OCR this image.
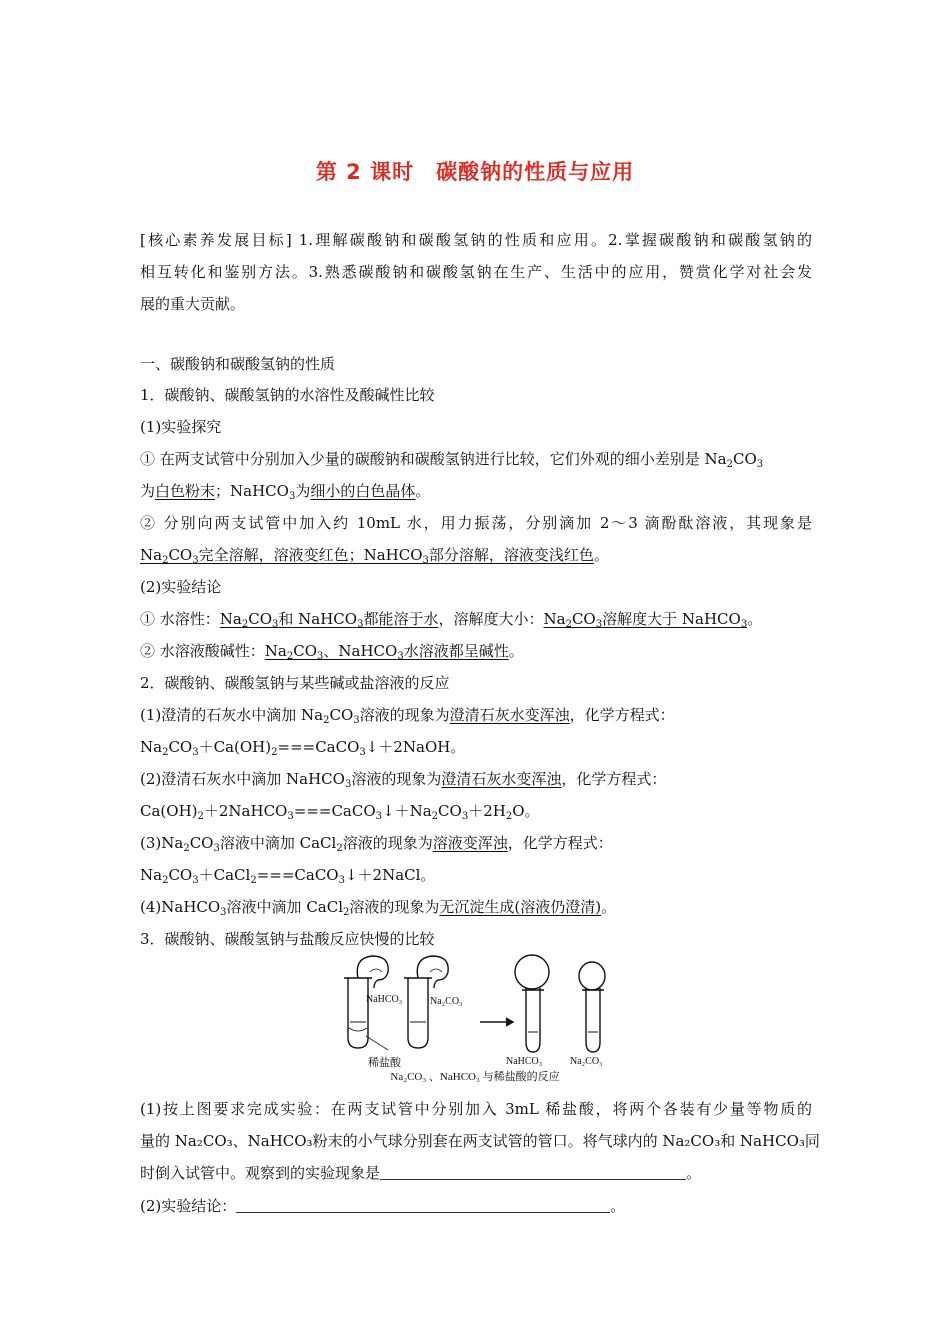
第 2 课时 碳酸钠的性质与应用
[核心素养发展目标] 1.理解碳酸钠和碳酸氢钠的性质和应用。2.掌握碳酸钠和碳酸氢钠的
相互转化和鉴别方法。3.熟悉碳酸钠和碳酸氢钠在生产、生活中的应用，赞赏化学对社会发
展的重大贡献。
一、碳酸钠和碳酸氢钠的性质
1．碳酸钠、碳酸氢钠的水溶性及酸碱性比较
(1)实验探究
① 在两支试管中分别加入少量的碳酸钠和碳酸氢钠进行比较，它们外观的细小差别是 $Na_2CO_3$
为白色粉末；NaHCO$_3$为细小的白色晶体。
② 分别向两支试管中加入约 10mL 水，用力振荡，分别滴加 2～3 滴酚酞溶液，其现象是
$Na_2CO_3$完全溶解，溶液变红色；NaHCO$_3$部分溶解，溶液变浅红色。
(2)实验结论
① 水溶性：$Na_2CO_3$和 NaHCO$_3$都能溶于水，溶解度大小：$Na_2CO_3$溶解度大于 NaHCO$_3$。
② 水溶液酸碱性：$Na_2CO_3$、NaHCO$_3$水溶液都呈碱性。
2．碳酸钠、碳酸氢钠与某些碱或盐溶液的反应
(1)澄清的石灰水中滴加 $Na_2CO_3$溶液的现象为澄清石灰水变浑浊，化学方程式：
$Na_2CO_3+Ca(OH)_2===CaCO_3↓+2NaOH$。
(2)澄清石灰水中滴加 NaHCO$_3$溶液的现象为澄清石灰水变浑浊，化学方程式：
$Ca(OH)_2+2NaHCO_3===CaCO_3↓+Na_2CO_3+2H_2O$。
$(3)Na_2CO_3$溶液中滴加 CaCl$_2$溶液的现象为溶液变浑浊，化学方程式：
$Na_2CO_3+CaCl_2===CaCO_3↓+2NaCl$。
(4)NaHCO$_3$溶液中滴加 CaCl$_2$溶液的现象为无沉淀生成(溶液仍澄清)。
3．碳酸钠、碳酸氢钠与盐酸反应快慢的比较
NaHCO₃	Na₂CO₃
稀盐酸	NaHCO₃	Na₂CO₃
Na₂CO₃ 、NaHCO₃ 与稀盐酸的反应
(1)按上图要求完成实验：在两支试管中分别加入 3mL 稀盐酸，将两个各装有少量等物质的
量的 Na₂CO₃、NaHCO₃粉末的小气球分别套在两支试管的管口。将气球内的 Na₂CO₃和 NaHCO₃同
时倒入试管中。观察到的实验现象是	。
(2)实验结论：	。
